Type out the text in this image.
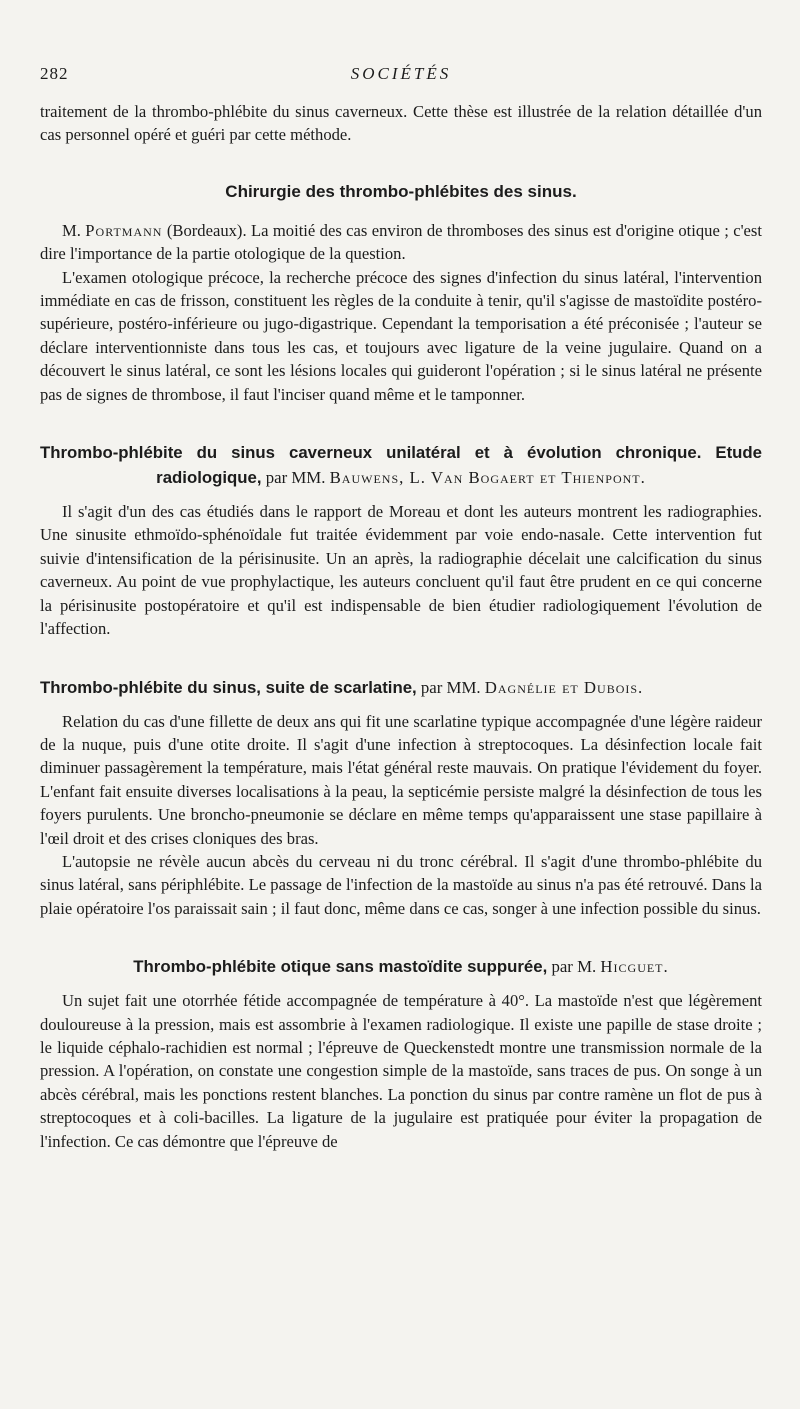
282	SOCIÉTÉS

traitement de la thrombo-phlébite du sinus caverneux. Cette thèse est illustrée de la relation détaillée d'un cas personnel opéré et guéri par cette méthode.

Chirurgie des thrombo-phlébites des sinus.

M. Portmann (Bordeaux). La moitié des cas environ de thromboses des sinus est d'origine otique ; c'est dire l'importance de la partie otologique de la question.

L'examen otologique précoce, la recherche précoce des signes d'infection du sinus latéral, l'intervention immédiate en cas de frisson, constituent les règles de la conduite à tenir, qu'il s'agisse de mastoïdite postéro-supérieure, postéro-inférieure ou jugo-digastrique. Cependant la temporisation a été préconisée ; l'auteur se déclare interventionniste dans tous les cas, et toujours avec ligature de la veine jugulaire. Quand on a découvert le sinus latéral, ce sont les lésions locales qui guideront l'opération ; si le sinus latéral ne présente pas de signes de thrombose, il faut l'inciser quand même et le tamponner.

Thrombo-phlébite du sinus caverneux unilatéral et à évolution chronique. Etude radiologique, par MM. Bauwens, L. Van Bogaert et Thienpont.

Il s'agit d'un des cas étudiés dans le rapport de Moreau et dont les auteurs montrent les radiographies. Une sinusite ethmoïdo-sphénoïdale fut traitée évidemment par voie endo-nasale. Cette intervention fut suivie d'intensification de la périsinusite. Un an après, la radiographie décelait une calcification du sinus caverneux. Au point de vue prophylactique, les auteurs concluent qu'il faut être prudent en ce qui concerne la périsinusite postopératoire et qu'il est indispensable de bien étudier radiologiquement l'évolution de l'affection.

Thrombo-phlébite du sinus, suite de scarlatine, par MM. Dagnélie et Dubois.

Relation du cas d'une fillette de deux ans qui fit une scarlatine typique accompagnée d'une légère raideur de la nuque, puis d'une otite droite. Il s'agit d'une infection à streptocoques. La désinfection locale fait diminuer passagèrement la température, mais l'état général reste mauvais. On pratique l'évidement du foyer. L'enfant fait ensuite diverses localisations à la peau, la septicémie persiste malgré la désinfection de tous les foyers purulents. Une broncho-pneumonie se déclare en même temps qu'apparaissent une stase papillaire à l'œil droit et des crises cloniques des bras.

L'autopsie ne révèle aucun abcès du cerveau ni du tronc cérébral. Il s'agit d'une thrombo-phlébite du sinus latéral, sans périphlébite. Le passage de l'infection de la mastoïde au sinus n'a pas été retrouvé. Dans la plaie opératoire l'os paraissait sain ; il faut donc, même dans ce cas, songer à une infection possible du sinus.

Thrombo-phlébite otique sans mastoïdite suppurée, par M. Hicguet.

Un sujet fait une otorrhée fétide accompagnée de température à 40°. La mastoïde n'est que légèrement douloureuse à la pression, mais est assombrie à l'examen radiologique. Il existe une papille de stase droite ; le liquide céphalo-rachidien est normal ; l'épreuve de Queckenstedt montre une transmission normale de la pression. A l'opération, on constate une congestion simple de la mastoïde, sans traces de pus. On songe à un abcès cérébral, mais les ponctions restent blanches. La ponction du sinus par contre ramène un flot de pus à streptocoques et à coli-bacilles. La ligature de la jugulaire est pratiquée pour éviter la propagation de l'infection. Ce cas démontre que l'épreuve de
